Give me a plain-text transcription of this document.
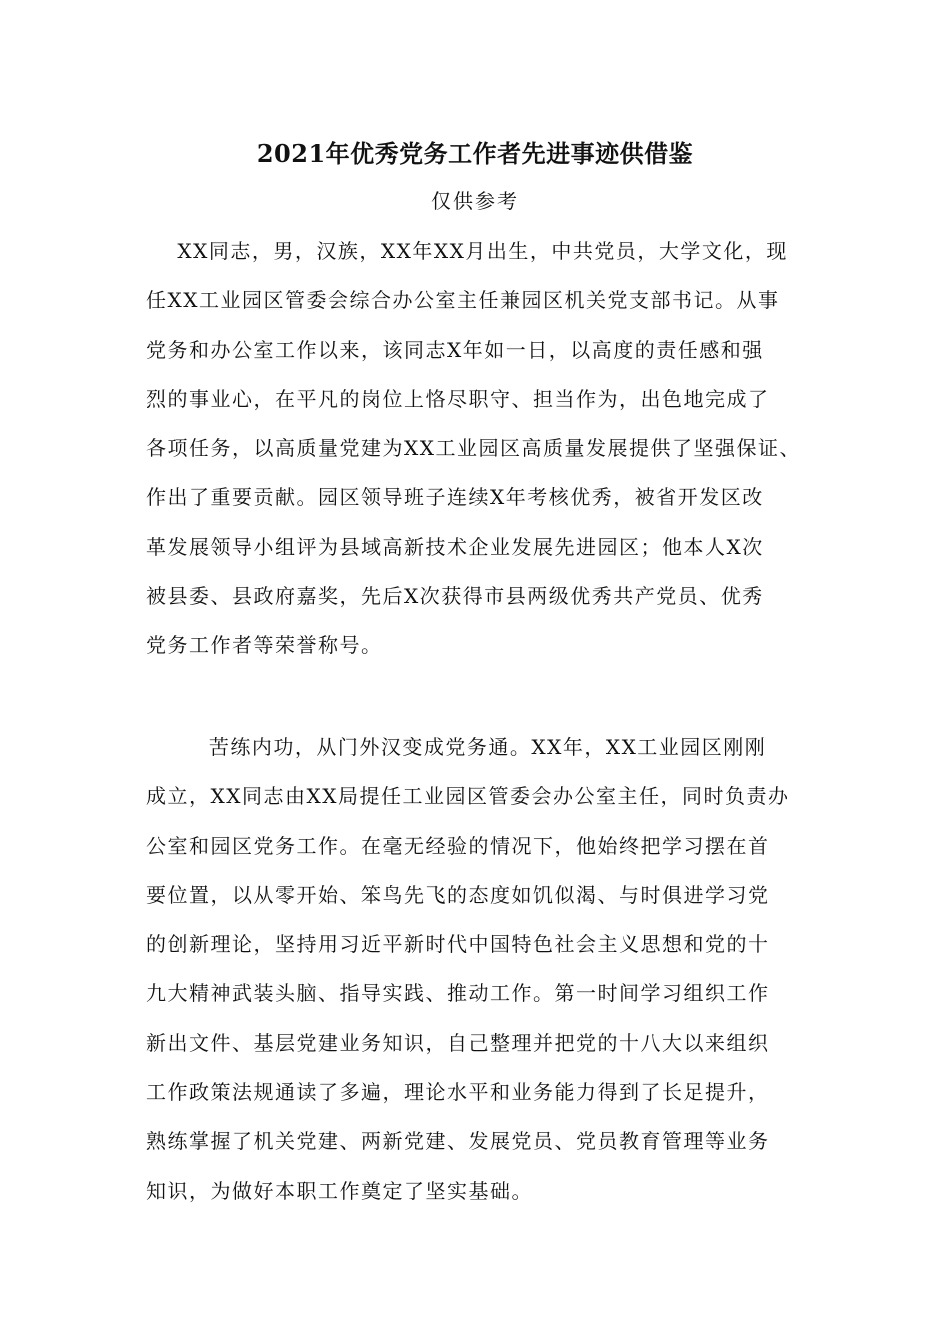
2021年优秀党务工作者先进事迹供借鉴
仅供参考
XX同志，男，汉族，XX年XX月出生，中共党员，大学文化，现
任XX工业园区管委会综合办公室主任兼园区机关党支部书记。从事
党务和办公室工作以来，该同志X年如一日，以高度的责任感和强
烈的事业心，在平凡的岗位上恪尽职守、担当作为，出色地完成了
各项任务，以高质量党建为XX工业园区高质量发展提供了坚强保证、
作出了重要贡献。园区领导班子连续X年考核优秀，被省开发区改
革发展领导小组评为县域高新技术企业发展先进园区；他本人X次
被县委、县政府嘉奖，先后X次获得市县两级优秀共产党员、优秀
党务工作者等荣誉称号。
苦练内功，从门外汉变成党务通。XX年，XX工业园区刚刚
成立，XX同志由XX局提任工业园区管委会办公室主任，同时负责办
公室和园区党务工作。在毫无经验的情况下，他始终把学习摆在首
要位置，以从零开始、笨鸟先飞的态度如饥似渴、与时俱进学习党
的创新理论，坚持用习近平新时代中国特色社会主义思想和党的十
九大精神武装头脑、指导实践、推动工作。第一时间学习组织工作
新出文件、基层党建业务知识，自己整理并把党的十八大以来组织
工作政策法规通读了多遍，理论水平和业务能力得到了长足提升，
熟练掌握了机关党建、两新党建、发展党员、党员教育管理等业务
知识，为做好本职工作奠定了坚实基础。
